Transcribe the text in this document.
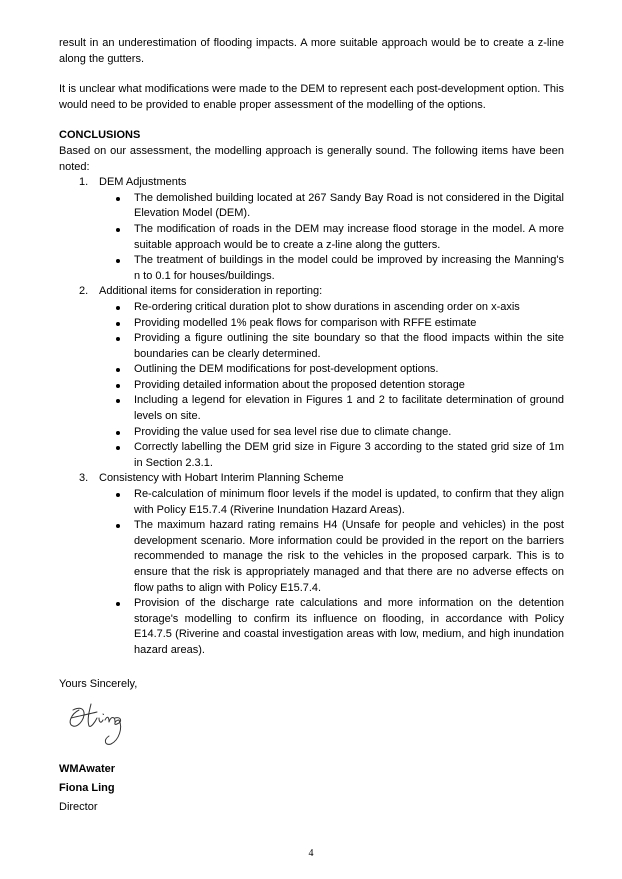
result in an underestimation of flooding impacts. A more suitable approach would be to create a z-line along the gutters.

It is unclear what modifications were made to the DEM to represent each post-development option. This would need to be provided to enable proper assessment of the modelling of the options.

CONCLUSIONS

Based on our assessment, the modelling approach is generally sound. The following items have been noted:

1. DEM Adjustments
The demolished building located at 267 Sandy Bay Road is not considered in the Digital Elevation Model (DEM).
The modification of roads in the DEM may increase flood storage in the model. A more suitable approach would be to create a z-line along the gutters.
The treatment of buildings in the model could be improved by increasing the Manning's n to 0.1 for houses/buildings.
2. Additional items for consideration in reporting:
Re-ordering critical duration plot to show durations in ascending order on x-axis
Providing modelled 1% peak flows for comparison with RFFE estimate
Providing a figure outlining the site boundary so that the flood impacts within the site boundaries can be clearly determined.
Outlining the DEM modifications for post-development options.
Providing detailed information about the proposed detention storage
Including a legend for elevation in Figures 1 and 2 to facilitate determination of ground levels on site.
Providing the value used for sea level rise due to climate change.
Correctly labelling the DEM grid size in Figure 3 according to the stated grid size of 1m in Section 2.3.1.
3. Consistency with Hobart Interim Planning Scheme
Re-calculation of minimum floor levels if the model is updated, to confirm that they align with Policy E15.7.4 (Riverine Inundation Hazard Areas).
The maximum hazard rating remains H4 (Unsafe for people and vehicles) in the post development scenario. More information could be provided in the report on the barriers recommended to manage the risk to the vehicles in the proposed carpark. This is to ensure that the risk is appropriately managed and that there are no adverse effects on flow paths to align with Policy E15.7.4.
Provision of the discharge rate calculations and more information on the detention storage's modelling to confirm its influence on flooding, in accordance with Policy E14.7.5 (Riverine and coastal investigation areas with low, medium, and high inundation hazard areas).

Yours Sincerely,

WMAwater
Fiona Ling
Director
4
